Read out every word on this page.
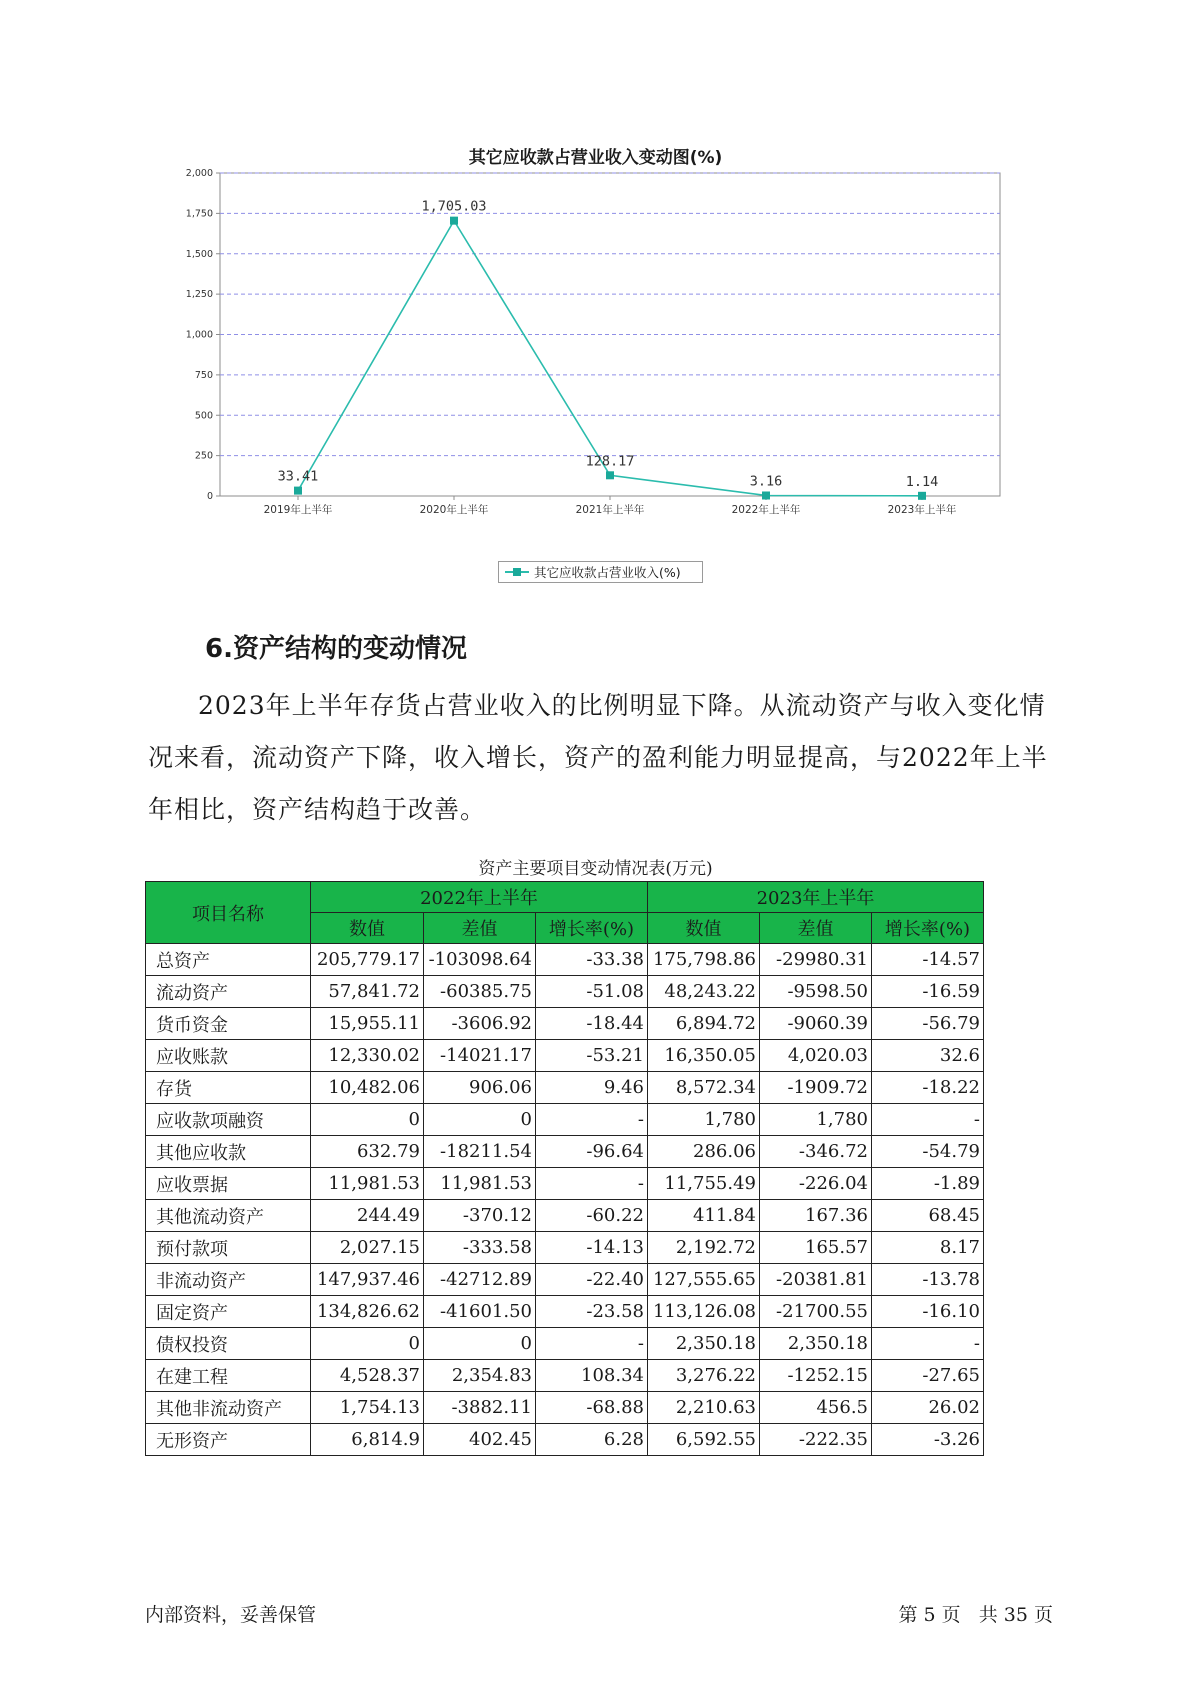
其它应收款占营业收入变动图(%)
0
250
500
750
1,000
1,250
1,500
1,750
2,000
2019年上半年	2020年上半年	2021年上半年	2022年上半年	2023年上半年
33.41
1,705.03
128.17
3.16	1.14
其它应收款占营业收入(%)
6.资产结构的变动情况
2023年上半年存货占营业收入的比例明显下降。从流动资产与收入变化情况来看，流动资产下降，收入增长，资产的盈利能力明显提高，与2022年上半年相比，资产结构趋于改善。
资产主要项目变动情况表(万元)
项目名称	2022年上半年			2023年上半年		
	数值	差值	增长率(%)	数值	差值	增长率(%)
总资产	205,779.17	-103098.64	-33.38	175,798.86	-29980.31	-14.57
流动资产	57,841.72	-60385.75	-51.08	48,243.22	-9598.50	-16.59
货币资金	15,955.11	-3606.92	-18.44	6,894.72	-9060.39	-56.79
应收账款	12,330.02	-14021.17	-53.21	16,350.05	4,020.03	32.6
存货	10,482.06	906.06	9.46	8,572.34	-1909.72	-18.22
应收款项融资	0	0	-	1,780	1,780	-
其他应收款	632.79	-18211.54	-96.64	286.06	-346.72	-54.79
应收票据	11,981.53	11,981.53	-	11,755.49	-226.04	-1.89
其他流动资产	244.49	-370.12	-60.22	411.84	167.36	68.45
预付款项	2,027.15	-333.58	-14.13	2,192.72	165.57	8.17
非流动资产	147,937.46	-42712.89	-22.40	127,555.65	-20381.81	-13.78
固定资产	134,826.62	-41601.50	-23.58	113,126.08	-21700.55	-16.10
债权投资	0	0	-	2,350.18	2,350.18	-
在建工程	4,528.37	2,354.83	108.34	3,276.22	-1252.15	-27.65
其他非流动资产	1,754.13	-3882.11	-68.88	2,210.63	456.5	26.02
无形资产	6,814.9	402.45	6.28	6,592.55	-222.35	-3.26
内部资料，妥善保管	第 5 页   共 35 页
